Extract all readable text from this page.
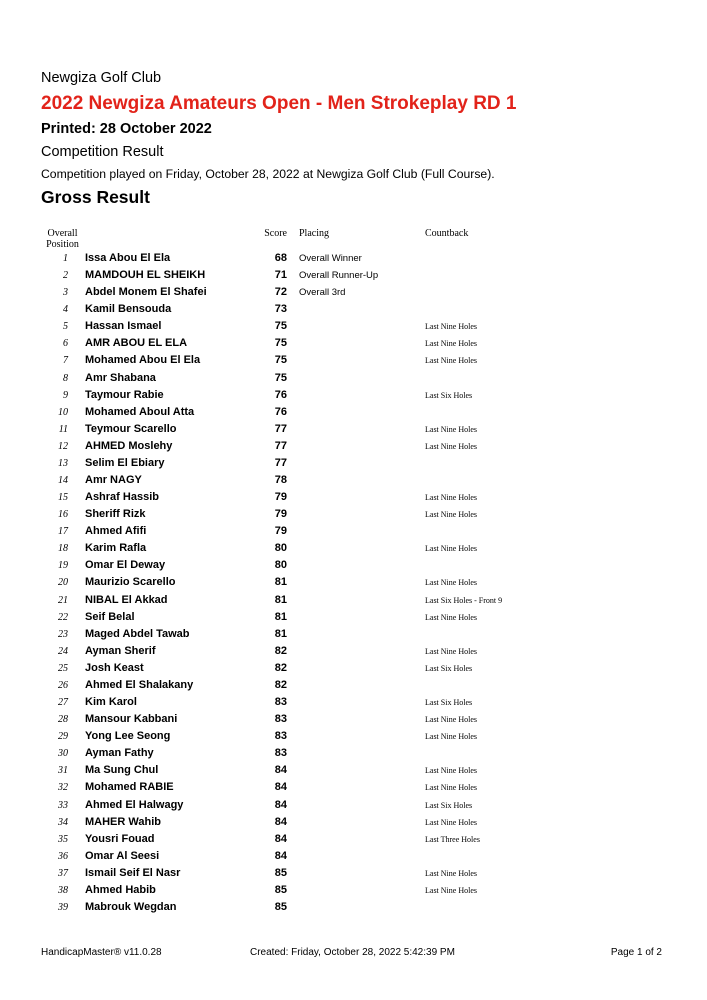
Newgiza Golf Club
2022 Newgiza Amateurs Open - Men Strokeplay RD 1
Printed: 28 October 2022
Competition Result
Competition played on Friday, October 28, 2022 at Newgiza Golf Club (Full Course).
Gross Result
Overall
Position
Score Placing	Countback
1 Issa Abou El Ela	68 Overall Winner
2 MAMDOUH EL SHEIKH	71 Overall Runner-Up
3 Abdel Monem El Shafei	72 Overall 3rd
4 Kamil Bensouda	73
5 Hassan Ismael	75	Last Nine Holes
6 AMR ABOU EL ELA	75	Last Nine Holes
7 Mohamed Abou El Ela	75	Last Nine Holes
8 Amr Shabana	75
9 Taymour Rabie	76	Last Six Holes
10 Mohamed Aboul Atta	76
11 Teymour Scarello	77	Last Nine Holes
12 AHMED Moslehy	77	Last Nine Holes
13 Selim El Ebiary	77
14 Amr NAGY	78
15 Ashraf Hassib	79	Last Nine Holes
16 Sheriff Rizk	79	Last Nine Holes
17 Ahmed Afifi	79
18 Karim Rafla	80	Last Nine Holes
19 Omar El Deway	80
20 Maurizio Scarello	81	Last Nine Holes
21 NIBAL El Akkad	81	Last Six Holes - Front 9
22 Seif Belal	81	Last Nine Holes
23 Maged Abdel Tawab	81
24 Ayman Sherif	82	Last Nine Holes
25 Josh Keast	82	Last Six Holes
26 Ahmed El Shalakany	82
27 Kim Karol	83	Last Six Holes
28 Mansour Kabbani	83	Last Nine Holes
29 Yong Lee Seong	83	Last Nine Holes
30 Ayman Fathy	83
31 Ma Sung Chul	84	Last Nine Holes
32 Mohamed RABIE	84	Last Nine Holes
33 Ahmed El Halwagy	84	Last Six Holes
34 MAHER Wahib	84	Last Nine Holes
35 Yousri Fouad	84	Last Three Holes
36 Omar Al Seesi	84
37 Ismail Seif El Nasr	85	Last Nine Holes
38 Ahmed Habib	85	Last Nine Holes
39 Mabrouk Wegdan	85
HandicapMaster® v11.0.28	Created: Friday, October 28, 2022 5:42:39 PM	Page 1 of 2
